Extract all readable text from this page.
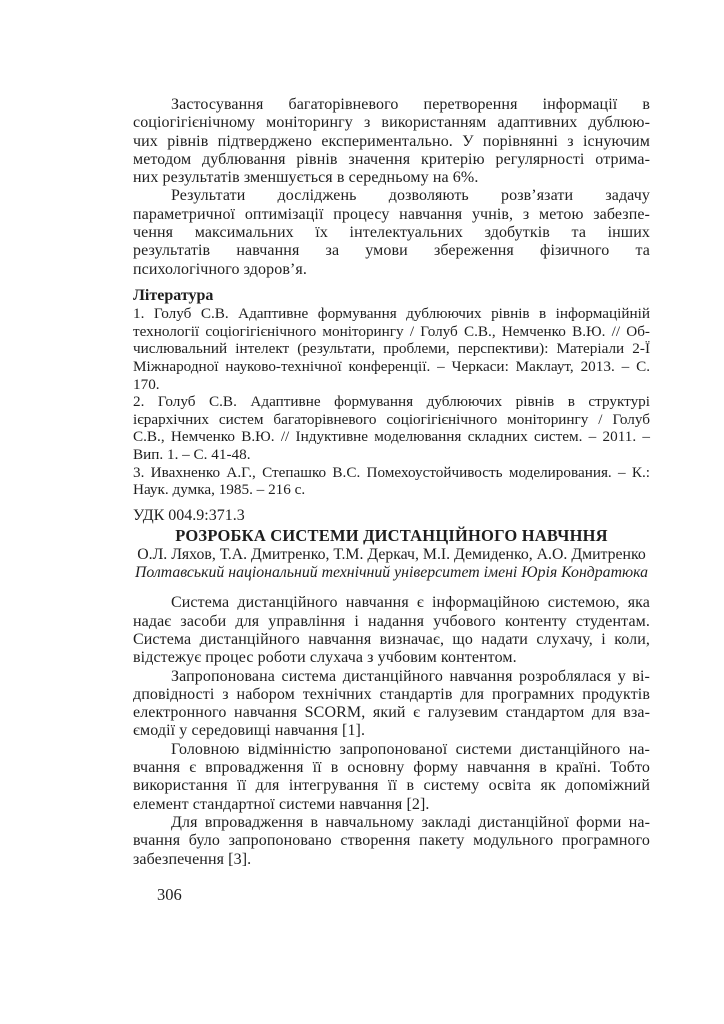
Застосування багаторівневого перетворення інформації в
соціогігієнічному моніторингу з використанням адаптивних дублюю-
чих рівнів підтверджено експериментально. У порівнянні з існуючим
методом дублювання рівнів значення критерію регулярності отрима-
них результатів зменшується в середньому на 6%.
Результати досліджень дозволяють розв’язати задачу
параметричної оптимізації процесу навчання учнів, з метою забезпе-
чення максимальних їх інтелектуальних здобутків та інших
результатів навчання за умови збереження фізичного та
психологічного здоров’я.
Література
1. Голуб С.В. Адаптивне формування дублюючих рівнів в інформаційній
технології соціогігієнічного моніторингу / Голуб С.В., Немченко В.Ю. // Об-
числювальний інтелект (результати, проблеми, перспективи): Матеріали 2-Ї
Міжнародної науково-технічної конференції. – Черкаси: Маклаут, 2013. – С.
170.
2. Голуб С.В. Адаптивне формування дублюючих рівнів в структурі
ієрархічних систем багаторівневого соціогігієнічного моніторингу / Голуб
С.В., Немченко В.Ю. // Індуктивне моделювання складних систем. – 2011. –
Вип. 1. – С. 41-48.
3. Ивахненко А.Г., Степашко В.С. Помехоустойчивость моделирования. – К.:
Наук. думка, 1985. – 216 с.
УДК 004.9:371.3
РОЗРОБКА СИСТЕМИ ДИСТАНЦІЙНОГО НАВЧННЯ
О.Л. Ляхов, Т.А. Дмитренко, Т.М. Деркач, М.І. Демиденко, А.О. Дмитренко
Полтавський національний технічний університет імені Юрія Кондратюка
Система дистанційного навчання є інформаційною системою, яка
надає засоби для управління і надання учбового контенту студентам.
Система дистанційного навчання визначає, що надати слухачу, і коли,
відстежує процес роботи слухача з учбовим контентом.
Запропонована система дистанційного навчання розроблялася у ві-
дповідності з набором технічних стандартів для програмних продуктів
електронного навчання SCORM, який є галузевим стандартом для вза-
ємодії у середовищі навчання [1].
Головною відмінністю запропонованої системи дистанційного на-
вчання є впровадження її в основну форму навчання в країні. Тобто
використання її для інтегрування її в систему освіта як допоміжний
елемент стандартної системи навчання [2].
Для впровадження в навчальному закладі дистанційної форми на-
вчання було запропоновано створення пакету модульного програмного
забезпечення [3].
306
